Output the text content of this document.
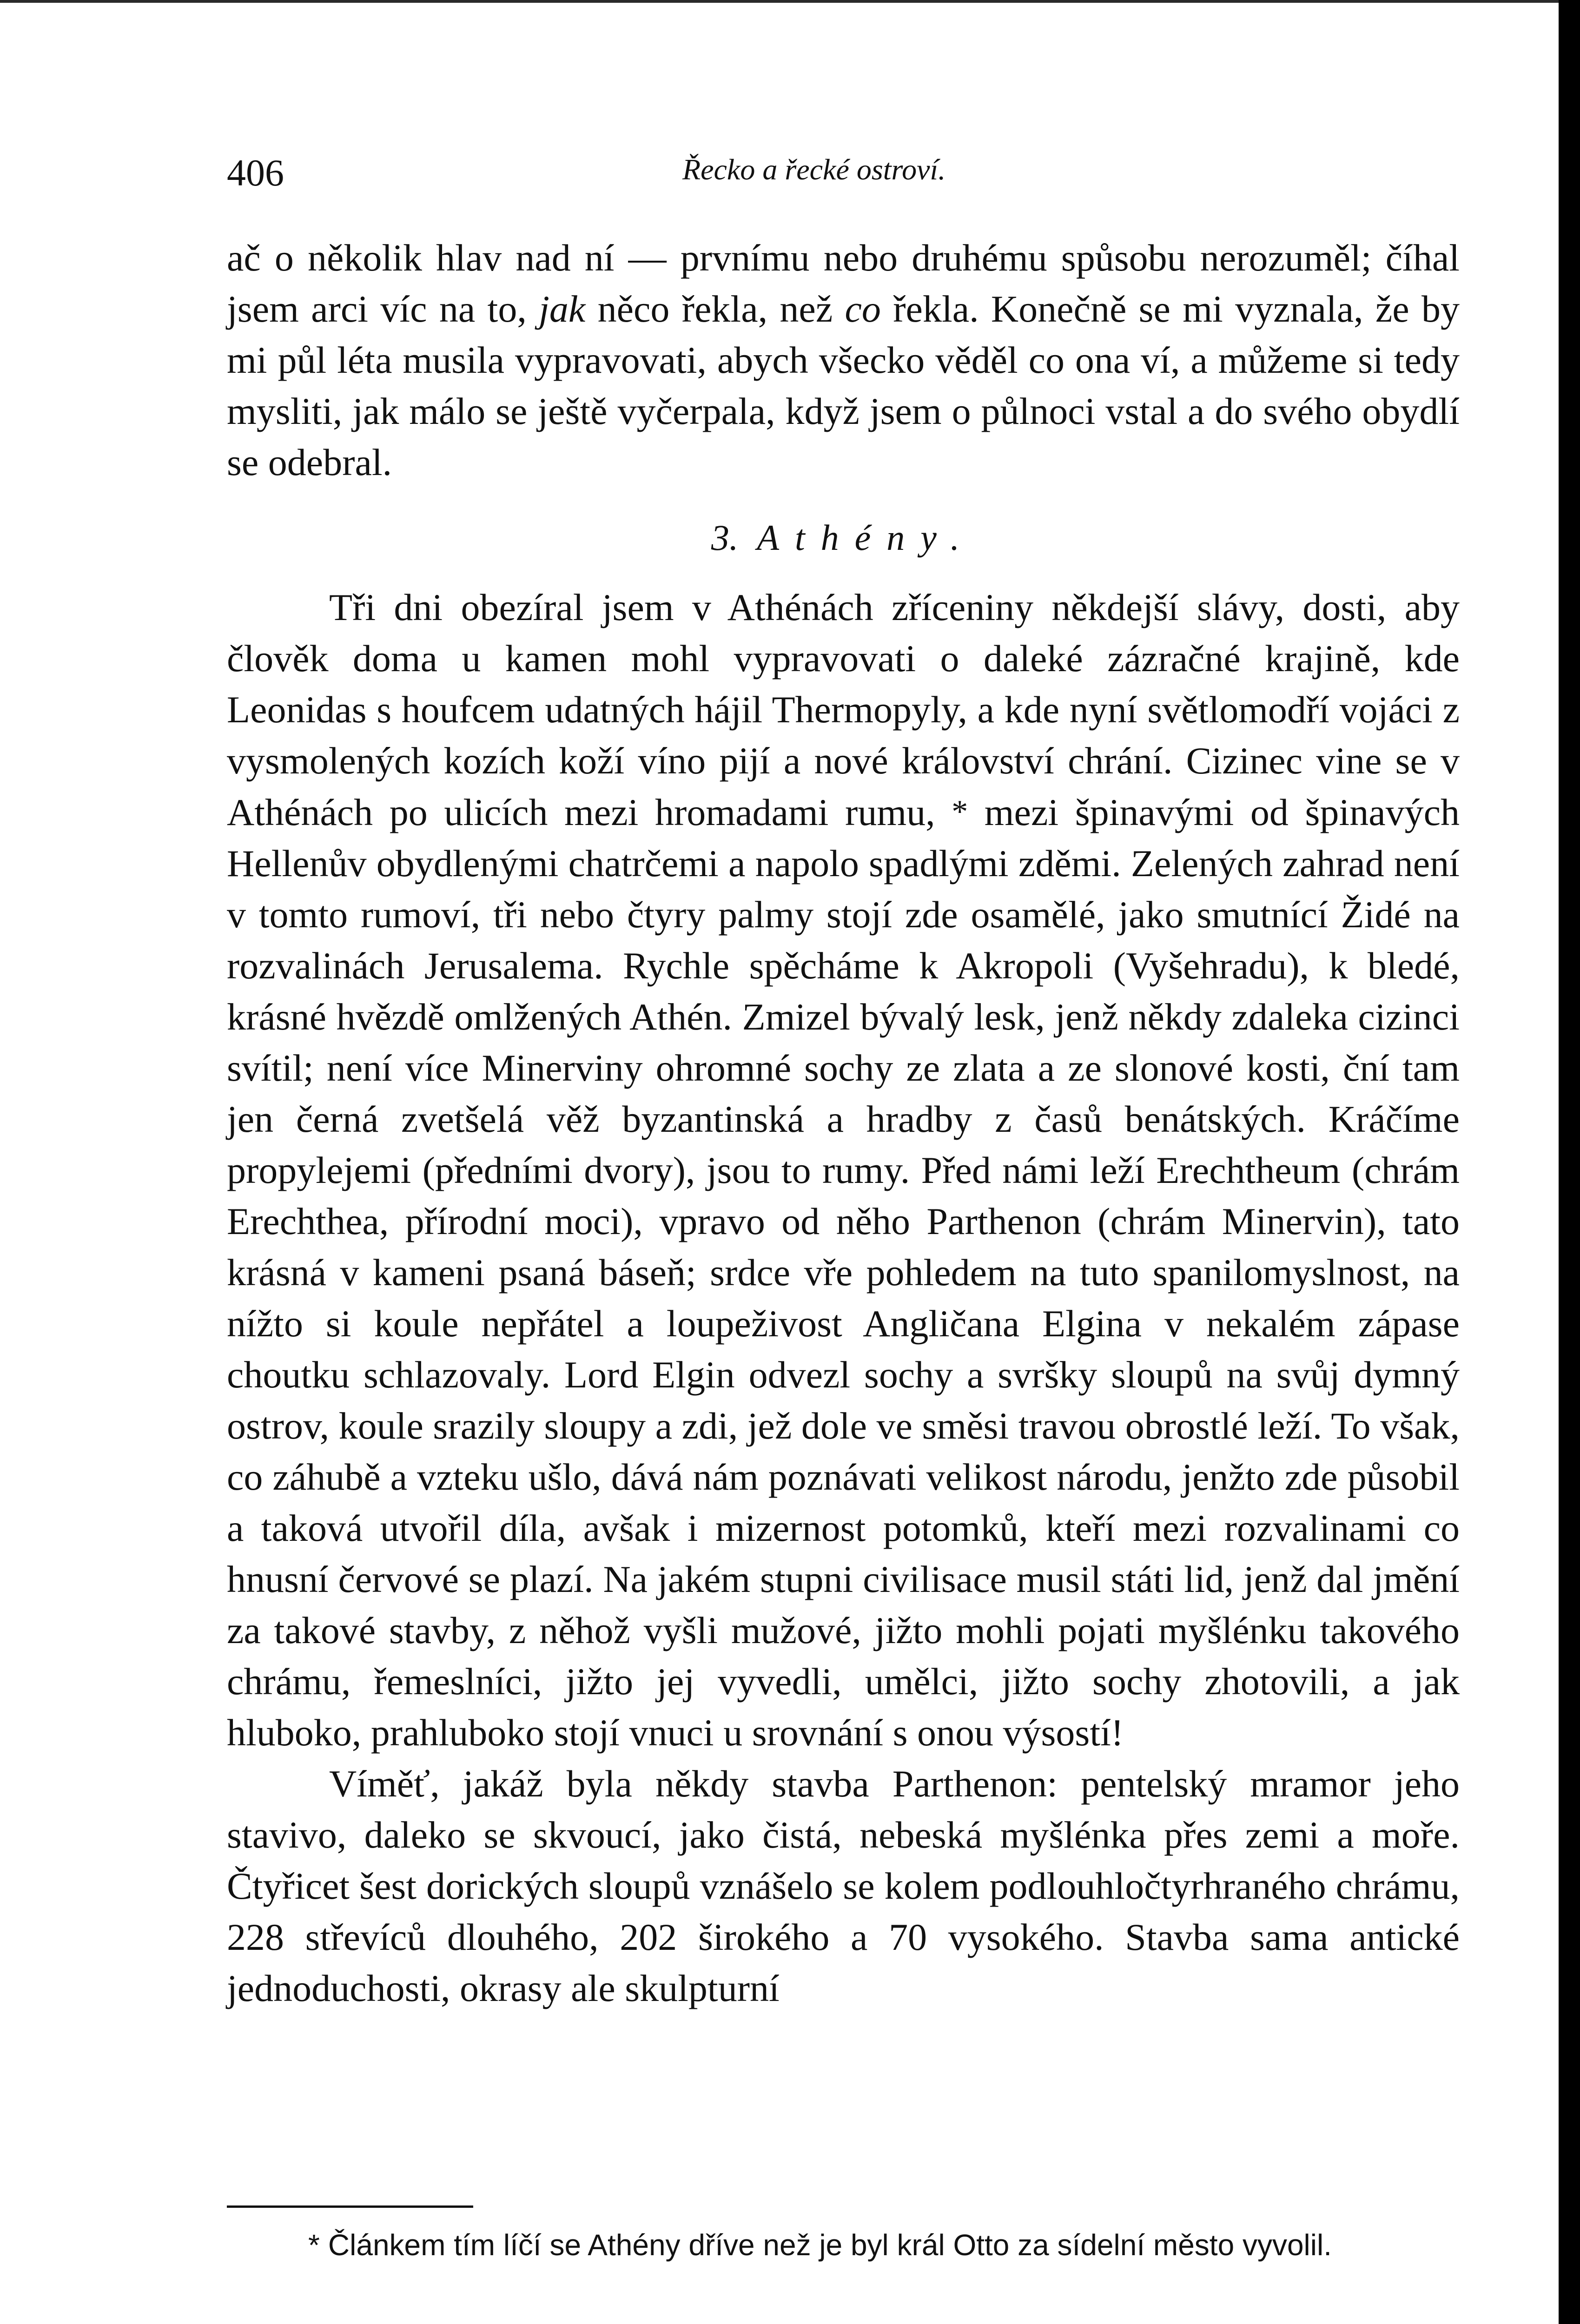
406	Řecko a řecké ostroví.

ač o několik hlav nad ní — prvnímu nebo druhému spůsobu nerozuměl; číhal jsem arci víc na to, jak něco řekla, než co řekla. Konečně se mi vyznala, že by mi půl léta musila vypravovati, abych všecko věděl co ona ví, a můžeme si tedy mysliti, jak málo se ještě vyčerpala, když jsem o půlnoci vstal a do svého obydlí se odebral.

3. Athény.

Tři dni obezíral jsem v Athénách zříceniny někdejší slávy, dosti, aby člověk doma u kamen mohl vypravovati o daleké zázračné krajině, kde Leonidas s houfcem udatných hájil Thermopyly, a kde nyní světlomodří vojáci z vysmolených kozích koží víno pijí a nové království chrání. Cizinec vine se v Athénách po ulicích mezi hromadami rumu, * mezi špinavými od špinavých Hellenův obydlenými chatrčemi a napolo spadlými zděmi. Zelených zahrad není v tomto rumoví, tři nebo čtyry palmy stojí zde osamělé, jako smutnící Židé na rozvalinách Jerusalema. Rychle spěcháme k Akropoli (Vyšehradu), k bledé, krásné hvězdě omlžených Athén. Zmizel bývalý lesk, jenž někdy zdaleka cizinci svítil; není více Minerviny ohromné sochy ze zlata a ze slonové kosti, ční tam jen černá zvetšelá věž byzantinská a hradby z časů benátských. Kráčíme propylejemi (předními dvory), jsou to rumy. Před námi leží Erechtheum (chrám Erechthea, přírodní moci), vpravo od něho Parthenon (chrám Minervin), tato krásná v kameni psaná báseň; srdce vře pohledem na tuto spanilomyslnost, na nížto si koule nepřátel a loupeživost Angličana Elgina v nekalém zápase choutku schlazovaly. Lord Elgin odvezl sochy a svršky sloupů na svůj dymný ostrov, koule srazily sloupy a zdi, jež dole ve směsi travou obrostlé leží. To však, co záhubě a vzteku ušlo, dává nám poznávati velikost národu, jenžto zde působil a taková utvořil díla, avšak i mizernost potomků, kteří mezi rozvalinami co hnusní červové se plazí. Na jakém stupni civilisace musil státi lid, jenž dal jmění za takové stavby, z něhož vyšli mužové, jižto mohli pojati myšlénku takového chrámu, řemeslníci, jižto jej vyvedli, umělci, jižto sochy zhotovili, a jak hluboko, prahluboko stojí vnuci u srovnání s onou výsostí!

Víměť, jakáž byla někdy stavba Parthenon: pentelský mramor jeho stavivo, daleko se skvoucí, jako čistá, nebeská myšlénka přes zemi a moře. Čtyřicet šest dorických sloupů vznášelo se kolem podlouhločtyrhraného chrámu, 228 střevíců dlouhého, 202 širokého a 70 vysokého. Stavba sama antické jednoduchosti, okrasy ale skulpturní

* Článkem tím líčí se Athény dříve než je byl král Otto za sídelní město vyvolil.
